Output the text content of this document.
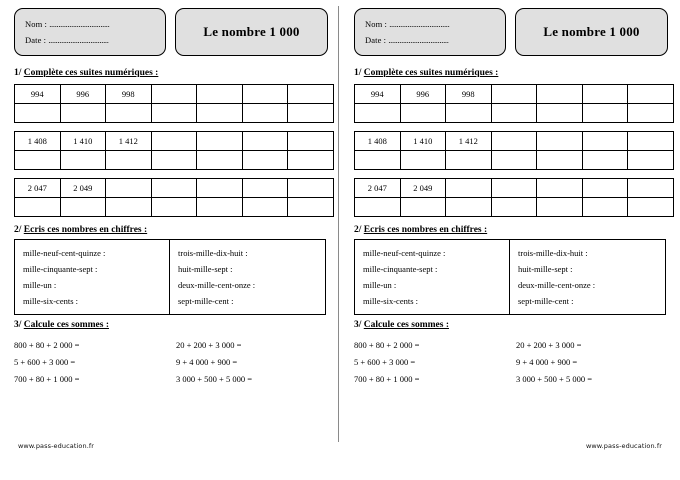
Nom : .................................
Date : .................................
Le nombre 1 000
1/ Complète ces suites numériques :
994	996	998				

1 408	1 410	1 412				

2 047	2 049					

2/ Ecris ces nombres en chiffres :
mille-neuf-cent-quinze :
mille-cinquante-sept :
mille-un :
mille-six-cents :
trois-mille-dix-huit :
huit-mille-sept :
deux-mille-cent-onze :
sept-mille-cent :
3/ Calcule ces sommes :
800 + 80 + 2 000 =	20 + 200 + 3 000 =
5 + 600 + 3 000 =	9 + 4 000 + 900 =
700 + 80 + 1 000 =	3 000 + 500 + 5 000 =
www.pass-education.fr
Nom : .................................
Date : .................................
Le nombre 1 000
1/ Complète ces suites numériques :
994	996	998				

1 408	1 410	1 412				

2 047	2 049					

2/ Ecris ces nombres en chiffres :
mille-neuf-cent-quinze :
mille-cinquante-sept :
mille-un :
mille-six-cents :
trois-mille-dix-huit :
huit-mille-sept :
deux-mille-cent-onze :
sept-mille-cent :
3/ Calcule ces sommes :
800 + 80 + 2 000 =	20 + 200 + 3 000 =
5 + 600 + 3 000 =	9 + 4 000 + 900 =
700 + 80 + 1 000 =	3 000 + 500 + 5 000 =
www.pass-education.fr
